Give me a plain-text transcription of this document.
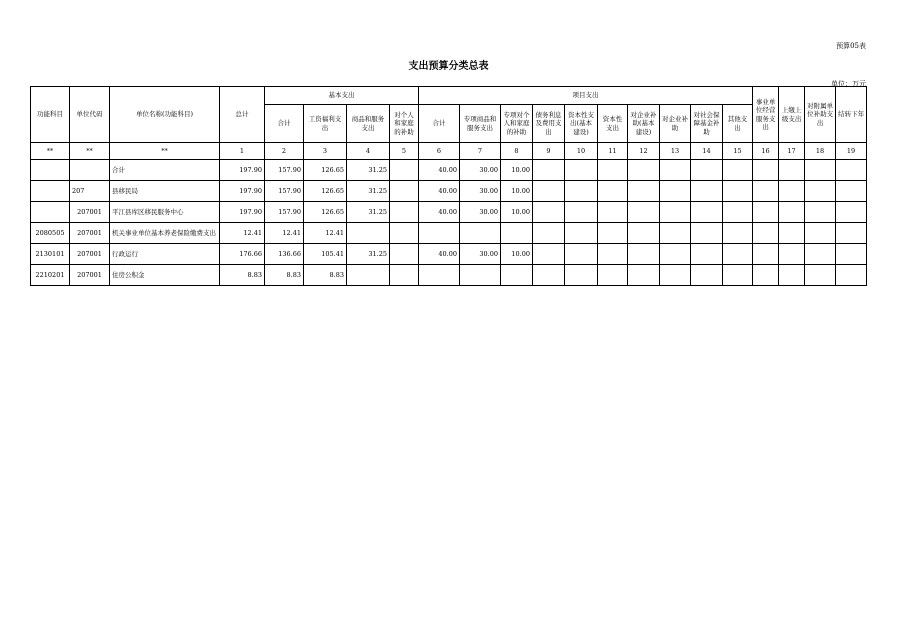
预算05表
支出预算分类总表
单位：万元
功能科目	单位代码	单位名称(功能科目)	总计	基本支出				项目支出										事业单位经营服务支出	上缴上级支出	对附属单位补助支出	结转下年
				合计	工资福利支出	商品和服务支出	对个人和家庭的补助	合计	专项商品和服务支出	专项对个人和家庭的补助	债务利息及费用支出	资本性支出(基本建设)	资本性支出	对企业补助(基本建设)	对企业补助	对社会保障基金补助	其他支出				
**	**	**	1	2	3	4	5	6	7	8	9	10	11	12	13	14	15	16	17	18	19
		合计	197.90	157.90	126.65	31.25		40.00	30.00	10.00											
	207	县移民局	197.90	157.90	126.65	31.25		40.00	30.00	10.00											
	207001	平江县库区移民服务中心	197.90	157.90	126.65	31.25		40.00	30.00	10.00											
2080505	207001	机关事业单位基本养老保险缴费支出	12.41	12.41	12.41																
2130101	207001	行政运行	176.66	136.66	105.41	31.25		40.00	30.00	10.00											
2210201	207001	住房公积金	8.83	8.83	8.83																
